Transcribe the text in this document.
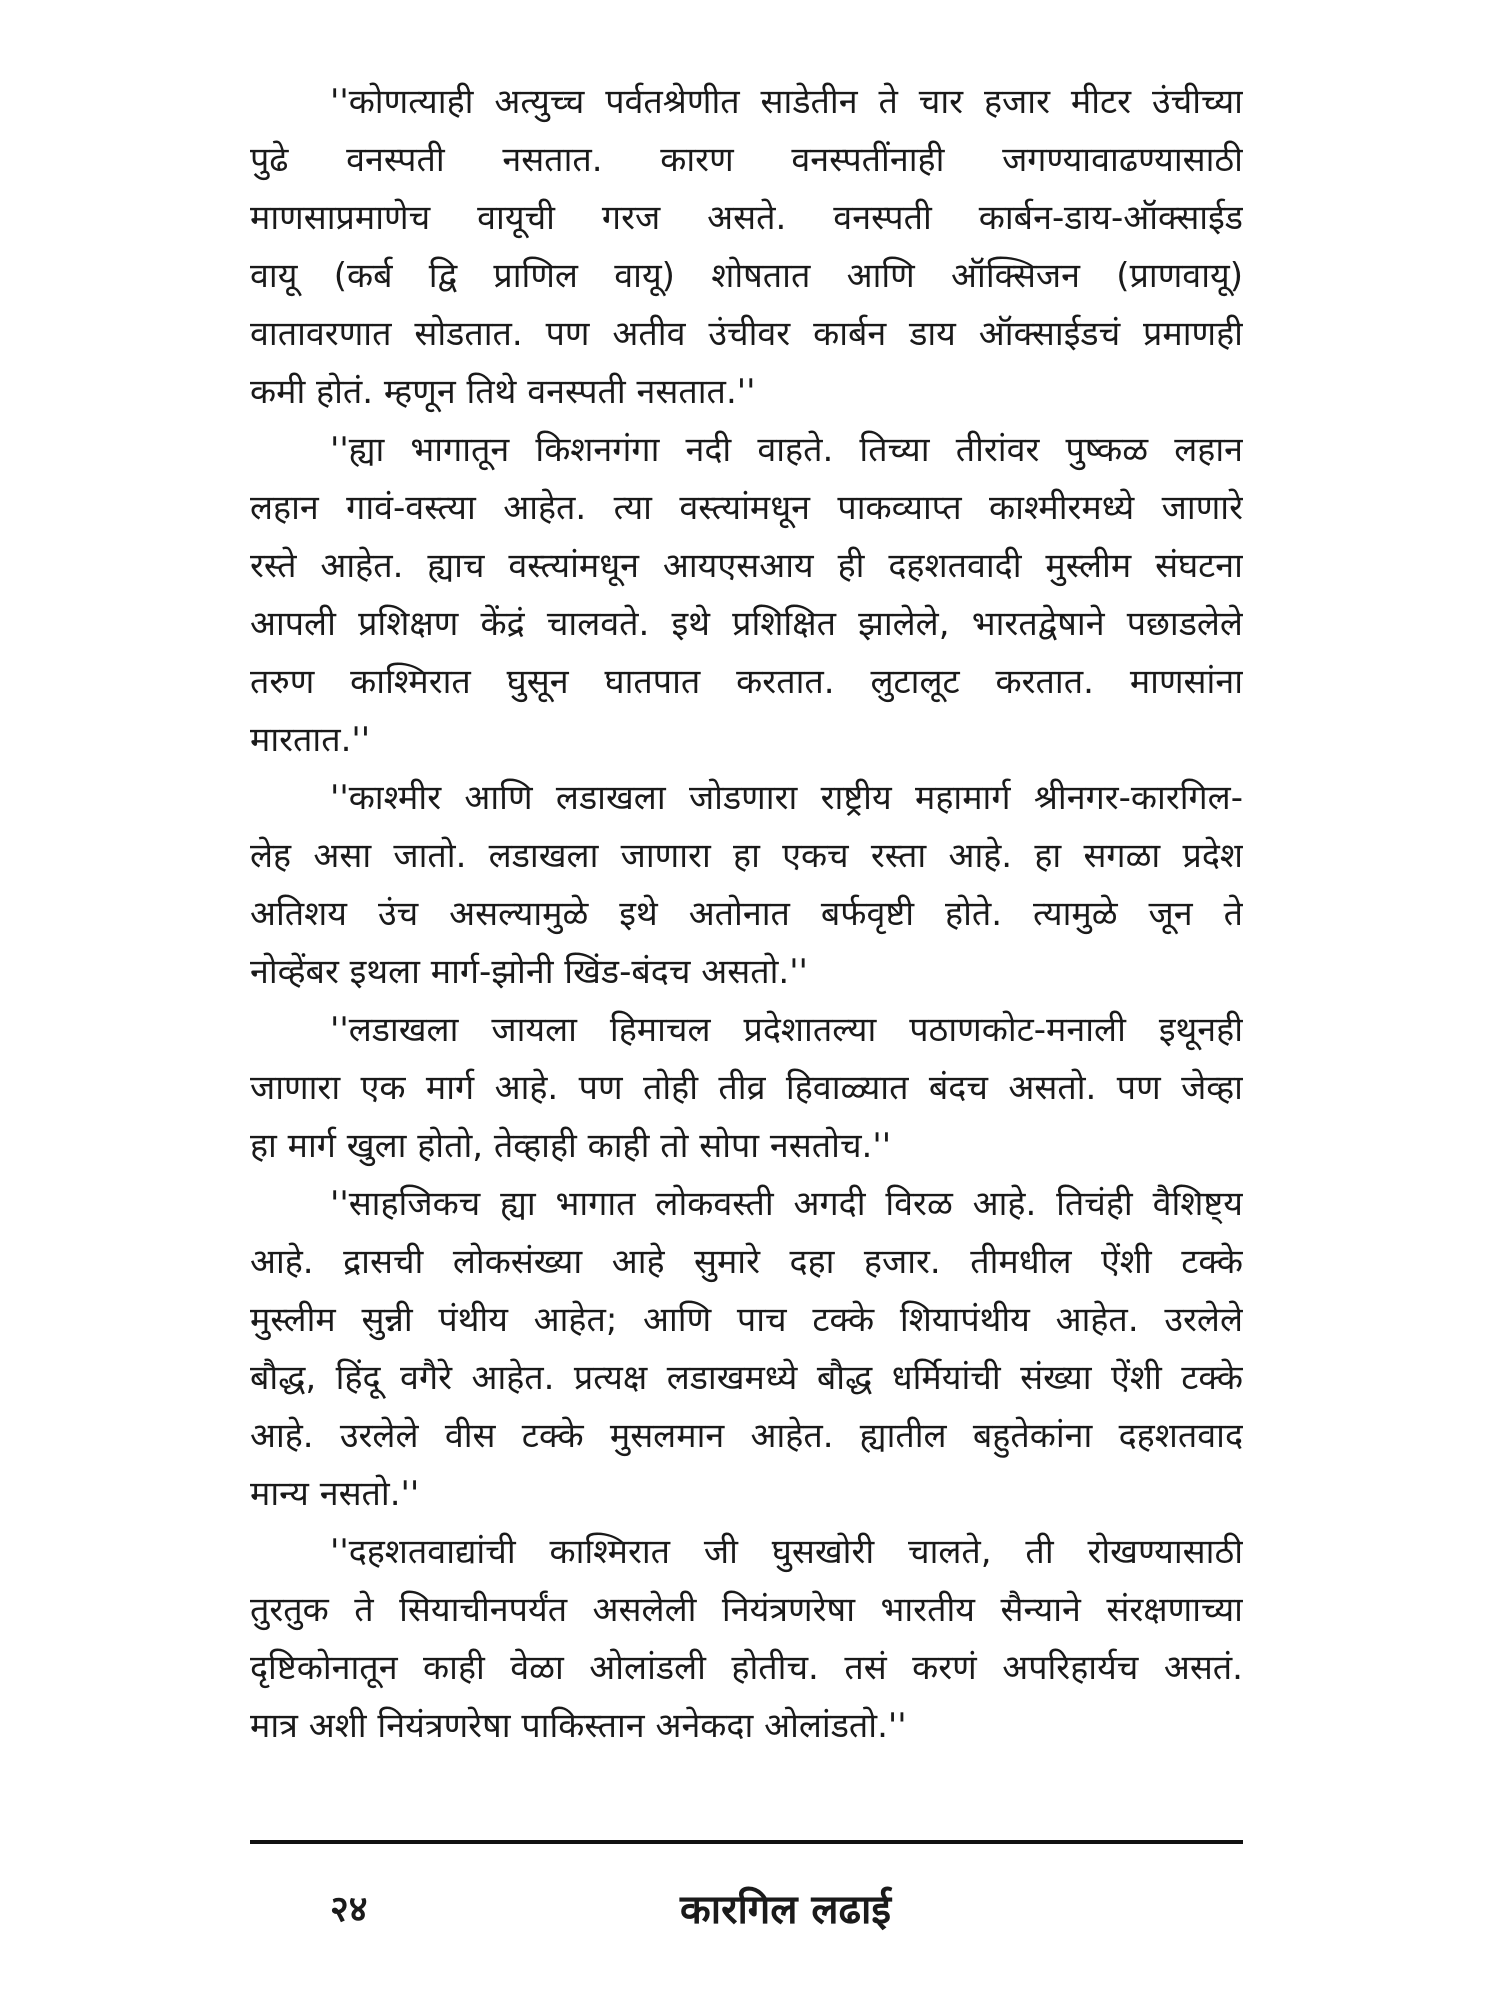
''कोणत्याही अत्युच्च पर्वतश्रेणीत साडेतीन ते चार हजार मीटर उंचीच्या
पुढे वनस्पती नसतात. कारण वनस्पतींनाही जगण्यावाढण्यासाठी
माणसाप्रमाणेच वायूची गरज असते. वनस्पती कार्बन-डाय-ऑक्साईड
वायू (कर्ब द्वि प्राणिल वायू) शोषतात आणि ऑक्सिजन (प्राणवायू)
वातावरणात सोडतात. पण अतीव उंचीवर कार्बन डाय ऑक्साईडचं प्रमाणही
कमी होतं. म्हणून तिथे वनस्पती नसतात.''
''ह्या भागातून किशनगंगा नदी वाहते. तिच्या तीरांवर पुष्कळ लहान
लहान गावं-वस्त्या आहेत. त्या वस्त्यांमधून पाकव्याप्त काश्मीरमध्ये जाणारे
रस्ते आहेत. ह्याच वस्त्यांमधून आयएसआय ही दहशतवादी मुस्लीम संघटना
आपली प्रशिक्षण केंद्रं चालवते. इथे प्रशिक्षित झालेले, भारतद्वेषाने पछाडलेले
तरुण काश्मिरात घुसून घातपात करतात. लुटालूट करतात. माणसांना
मारतात.''
''काश्मीर आणि लडाखला जोडणारा राष्ट्रीय महामार्ग श्रीनगर-कारगिल-
लेह असा जातो. लडाखला जाणारा हा एकच रस्ता आहे. हा सगळा प्रदेश
अतिशय उंच असल्यामुळे इथे अतोनात बर्फवृष्टी होते. त्यामुळे जून ते
नोव्हेंबर इथला मार्ग-झोनी खिंड-बंदच असतो.''
''लडाखला जायला हिमाचल प्रदेशातल्या पठाणकोट-मनाली इथूनही
जाणारा एक मार्ग आहे. पण तोही तीव्र हिवाळ्यात बंदच असतो. पण जेव्हा
हा मार्ग खुला होतो, तेव्हाही काही तो सोपा नसतोच.''
''साहजिकच ह्या भागात लोकवस्ती अगदी विरळ आहे. तिचंही वैशिष्ट्य
आहे. द्रासची लोकसंख्या आहे सुमारे दहा हजार. तीमधील ऐंशी टक्के
मुस्लीम सुन्नी पंथीय आहेत; आणि पाच टक्के शियापंथीय आहेत. उरलेले
बौद्ध, हिंदू वगैरे आहेत. प्रत्यक्ष लडाखमध्ये बौद्ध धर्मियांची संख्या ऐंशी टक्के
आहे. उरलेले वीस टक्के मुसलमान आहेत. ह्यातील बहुतेकांना दहशतवाद
मान्य नसतो.''
''दहशतवाद्यांची काश्मिरात जी घुसखोरी चालते, ती रोखण्यासाठी
तुरतुक ते सियाचीनपर्यंत असलेली नियंत्रणरेषा भारतीय सैन्याने संरक्षणाच्या
दृष्टिकोनातून काही वेळा ओलांडली होतीच. तसं करणं अपरिहार्यच असतं.
मात्र अशी नियंत्रणरेषा पाकिस्तान अनेकदा ओलांडतो.''
२४	कारगिल लढाई
